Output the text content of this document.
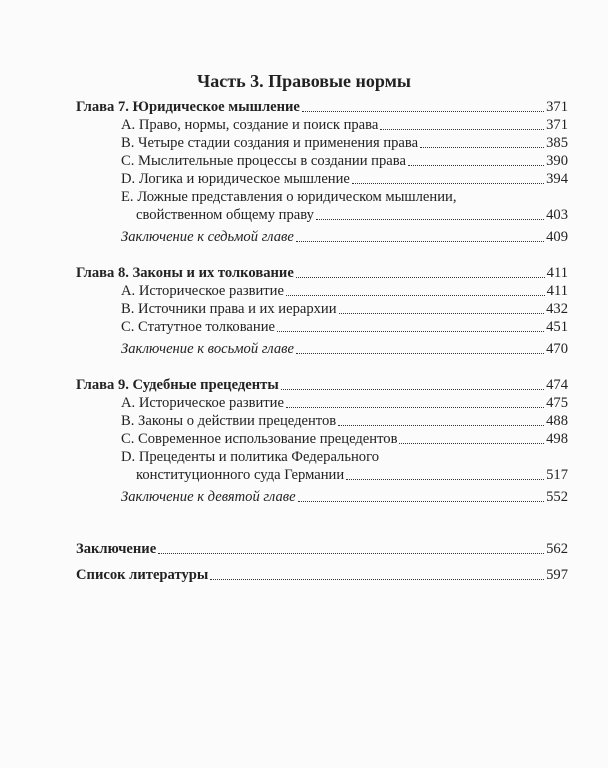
Часть 3. Правовые нормы
Глава 7. Юридическое мышление	371
A. Право, нормы, создание и поиск права	371
B. Четыре стадии создания и применения права	385
C. Мыслительные процессы в создании права	390
D. Логика и юридическое мышление	394
E. Ложные представления о юридическом мышлении,
свойственном общему праву	403
Заключение к седьмой главе	409
Глава 8. Законы и их толкование	411
A. Историческое развитие	411
B. Источники права и их иерархии	432
C. Статутное толкование	451
Заключение к восьмой главе	470
Глава 9. Судебные прецеденты	474
A. Историческое развитие	475
B. Законы о действии прецедентов	488
C. Современное использование прецедентов	498
D. Прецеденты и политика Федерального
конституционного суда Германии	517
Заключение к девятой главе	552
Заключение	562
Список литературы	597
